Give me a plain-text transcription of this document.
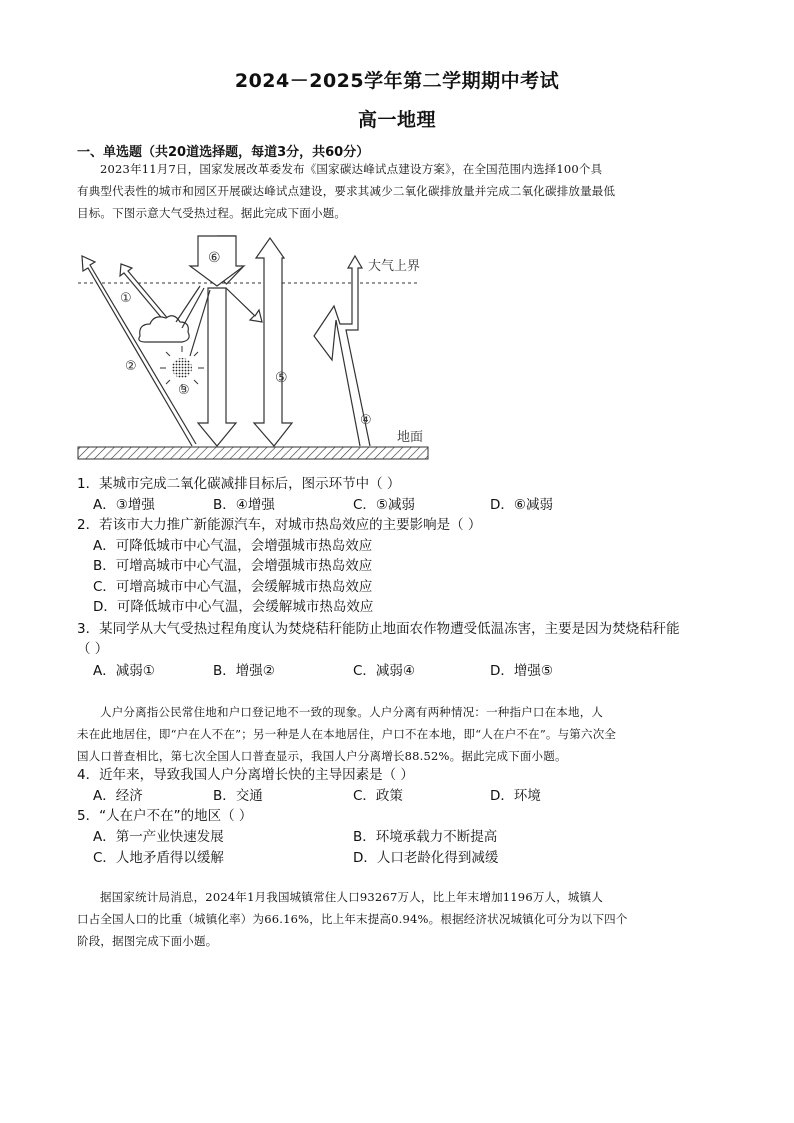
2024－2025学年第二学期期中考试
高一地理
一、单选题（共20道选择题，每道3分，共60分）
2023年11月7日，国家发展改革委发布《国家碳达峰试点建设方案》，在全国范围内选择100个具
有典型代表性的城市和园区开展碳达峰试点建设，要求其减少二氧化碳排放量并完成二氧化碳排放量最低
目标。下图示意大气受热过程。据此完成下面小题。
大气上界
地面
⑥
①
②
③
⑤
④
1．某城市完成二氧化碳减排目标后，图示环节中（ ）
A．③增强	B．④增强	C．⑤减弱	D．⑥减弱
2．若该市大力推广新能源汽车，对城市热岛效应的主要影响是（ ）
A．可降低城市中心气温，会增强城市热岛效应
B．可增高城市中心气温，会增强城市热岛效应
C．可增高城市中心气温，会缓解城市热岛效应
D．可降低城市中心气温，会缓解城市热岛效应
3．某同学从大气受热过程角度认为焚烧秸秆能防止地面农作物遭受低温冻害，主要是因为焚烧秸秆能
（ ）
A．减弱①	B．增强②	C．减弱④	D．增强⑤
人户分离指公民常住地和户口登记地不一致的现象。人户分离有两种情况：一种指户口在本地，人
未在此地居住，即“户在人不在”；另一种是人在本地居住，户口不在本地，即“人在户不在”。与第六次全
国人口普查相比，第七次全国人口普查显示，我国人户分离增长88.52%。据此完成下面小题。
4．近年来，导致我国人户分离增长快的主导因素是（ ）
A．经济	B．交通	C．政策	D．环境
5．“人在户不在”的地区（ ）
A．第一产业快速发展	B．环境承载力不断提高
C．人地矛盾得以缓解	D．人口老龄化得到减缓
据国家统计局消息，2024年1月我国城镇常住人口93267万人，比上年末增加1196万人，城镇人
口占全国人口的比重（城镇化率）为66.16%，比上年末提高0.94%。根据经济状况城镇化可分为以下四个
阶段，据图完成下面小题。
